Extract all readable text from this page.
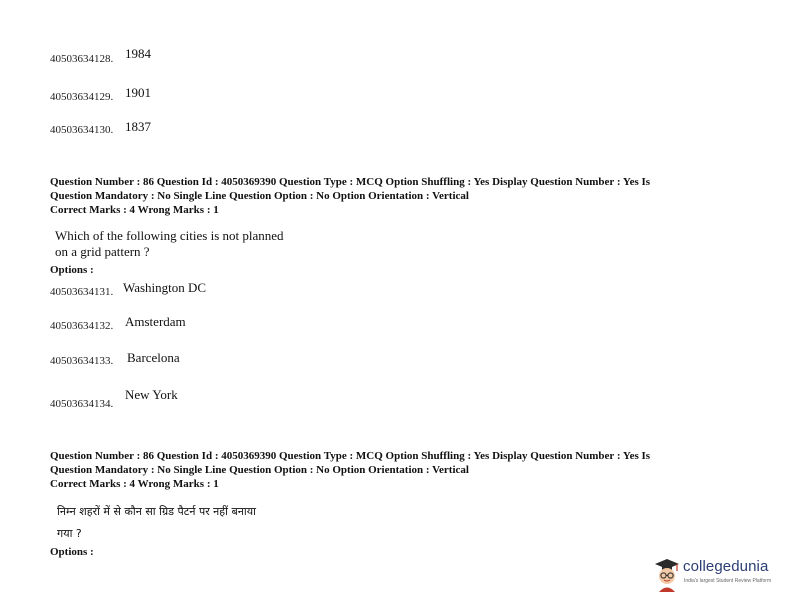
40503634128. 1984
40503634129. 1901
40503634130. 1837
Question Number : 86 Question Id : 4050369390 Question Type : MCQ Option Shuffling : Yes Display Question Number : Yes Is
Question Mandatory : No Single Line Question Option : No Option Orientation : Vertical
Correct Marks : 4 Wrong Marks : 1
Which of the following cities is not planned
on a grid pattern ?
Options :
40503634131. Washington DC
40503634132. Amsterdam
40503634133. Barcelona
40503634134.
New York
Question Number : 86 Question Id : 4050369390 Question Type : MCQ Option Shuffling : Yes Display Question Number : Yes Is
Question Mandatory : No Single Line Question Option : No Option Orientation : Vertical
Correct Marks : 4 Wrong Marks : 1
निम्न शहरों में से कौन सा ग्रिड पैटर्न पर नहीं बनाया
गया ?
Options :
collegedunia
India's largest Student Review Platform
